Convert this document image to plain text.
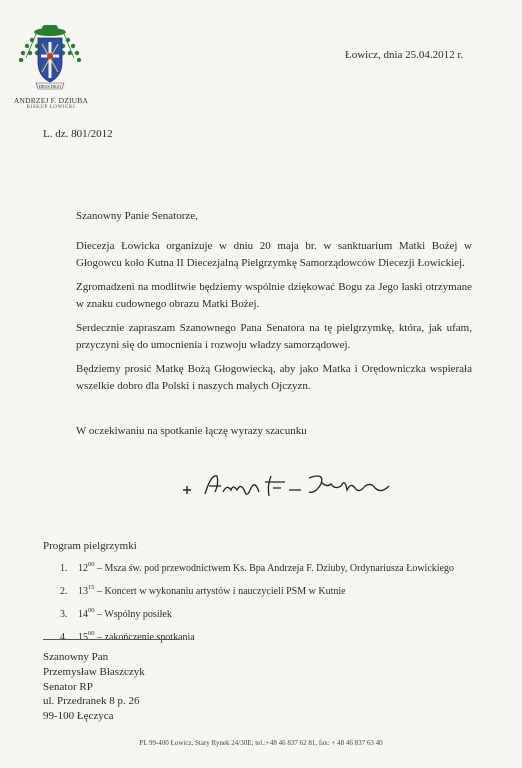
DEUS DIGO
ANDRZEJ F. DZIUBA
BISKUP ŁOWICKI
Łowicz, dnia 25.04.2012 r.
L. dz. 801/2012
Szanowny Panie Senatorze,

Diecezja Łowicka organizuje w dniu 20 maja br. w sanktuarium Matki Bożej w Głogowcu koło Kutna II Diecezjalną Pielgrzymkę Samorządowców Diecezji Łowickiej.

Zgromadzeni na modlitwie będziemy wspólnie dziękować Bogu za Jego łaski otrzymane w znaku cudownego obrazu Matki Bożej.

Serdecznie zapraszam Szanownego Pana Senatora na tę pielgrzymkę, która, jak ufam, przyczyni się do umocnienia i rozwoju władzy samorządowej.

Będziemy prosić Matkę Bożą Głogowiecką, aby jako Matka i Orędowniczka wspierała wszelkie dobro dla Polski i naszych małych Ojczyzn.

W oczekiwaniu na spotkanie łączę wyrazy szacunku
Program pielgrzymki
1. $12^{00}$ – Msza św. pod przewodnictwem Ks. Bpa Andrzeja F. Dziuby, Ordynariusza Łowickiego
2. $13^{15}$ – Koncert w wykonaniu artystów i nauczycieli PSM w Kutnie
3. $14^{00}$ – Wspólny posiłek
4. $15^{00}$ – zakończenie spotkania
Szanowny Pan
Przemysław Błaszczyk
Senator RP
ul. Przedranek 8 p. 26
99-100 Łęczyca
PL 99-400 Łowicz, Stary Rynek 24/30E; tel.:+48 46 837 62 81, fax: + 48 46 837 63 40
